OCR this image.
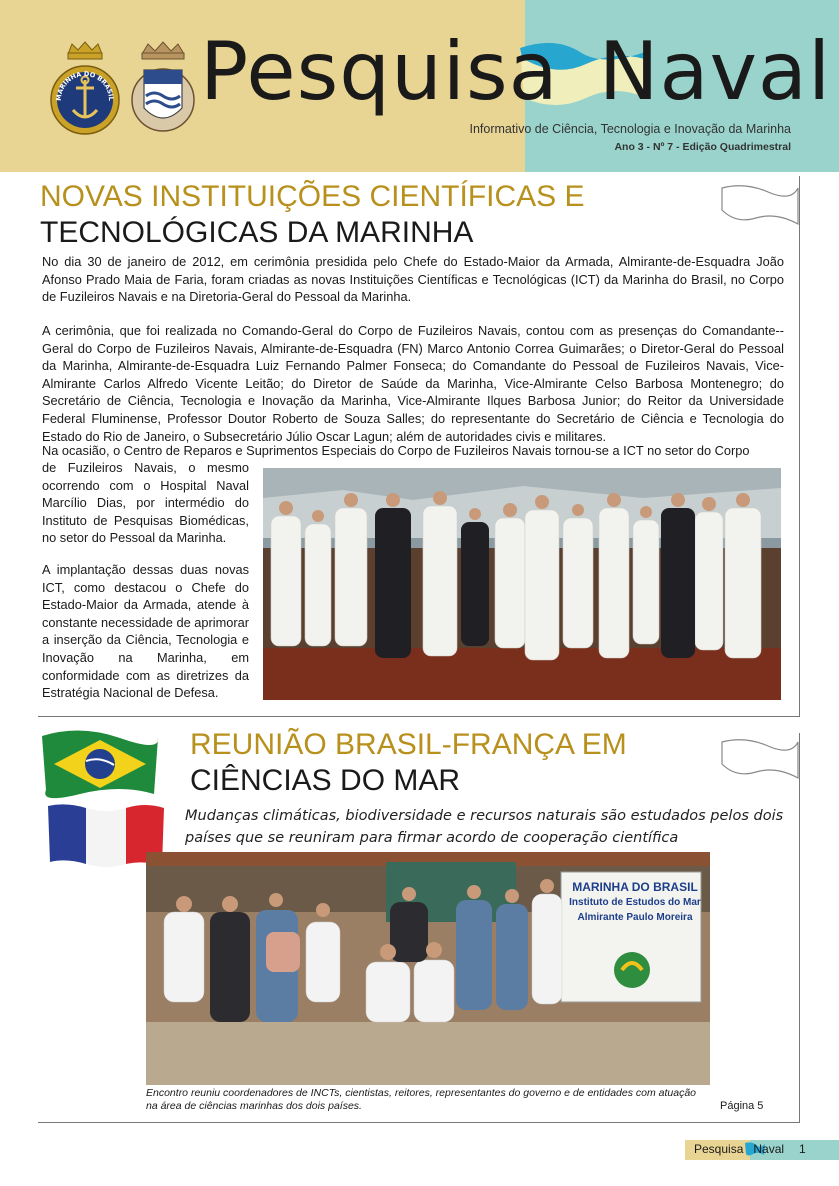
MARINHA DO BRASIL Pesquisa Naval
Informativo de Ciência, Tecnologia e Inovação da Marinha
Ano 3 - Nº 7 - Edição Quadrimestral
NOVAS INSTITUIÇÕES CIENTÍFICAS E
TECNOLÓGICAS DA MARINHA
No dia 30 de janeiro de 2012, em cerimônia presidida pelo Chefe do Estado-Maior da Armada, Almirante-de-Esquadra João Afonso Prado Maia de Faria, foram criadas as novas Instituições Científicas e Tecnológicas (ICT) da Marinha do Brasil, no Corpo de Fuzileiros Navais e na Diretoria-Geral do Pessoal da Marinha.
A cerimônia, que foi realizada no Comando-Geral do Corpo de Fuzileiros Navais, contou com as presenças do Comandante--Geral do Corpo de Fuzileiros Navais, Almirante-de-Esquadra (FN) Marco Antonio Correa Guimarães; o Diretor-Geral do Pessoal da Marinha, Almirante-de-Esquadra Luiz Fernando Palmer Fonseca; do Comandante do Pessoal de Fuzileiros Navais, Vice-Almirante Carlos Alfredo Vicente Leitão; do Diretor de Saúde da Marinha, Vice-Almirante Celso Barbosa Montenegro; do Secretário de Ciência, Tecnologia e Inovação da Marinha, Vice-Almirante Ilques Barbosa Junior; do Reitor da Universidade Federal Fluminense, Professor Doutor Roberto de Souza Salles; do representante do Secretário de Ciência e Tecnologia do Estado do Rio de Janeiro, o Subsecretário Júlio Oscar Lagun; além de autoridades civis e militares.
Na ocasião, o Centro de Reparos e Suprimentos Especiais do Corpo de Fuzileiros Navais tornou-se a ICT no setor do Corpo
de Fuzileiros Navais, o mesmo ocorrendo com o Hospital Naval Marcílio Dias, por intermédio do Instituto de Pesquisas Biomédicas, no setor do Pessoal da Marinha.
A implantação dessas duas novas ICT, como destacou o Chefe do Estado-Maior da Armada, atende à constante necessidade de aprimorar a inserção da Ciência, Tecnologia e Inovação na Marinha, em conformidade com as diretrizes da Estratégia Nacional de Defesa.
REUNIÃO BRASIL-FRANÇA EM
CIÊNCIAS DO MAR
Mudanças climáticas, biodiversidade e recursos naturais são estudados pelos dois países que se reuniram para firmar acordo de cooperação científica
MARINHA DO BRASIL
Instituto de Estudos do Mar
Almirante Paulo Moreira
Encontro reuniu coordenadores de INCTs, cientistas, reitores, representantes do governo e de entidades com atuação na área de ciências marinhas dos dois países.	Página 5
Pesquisa Naval 1
